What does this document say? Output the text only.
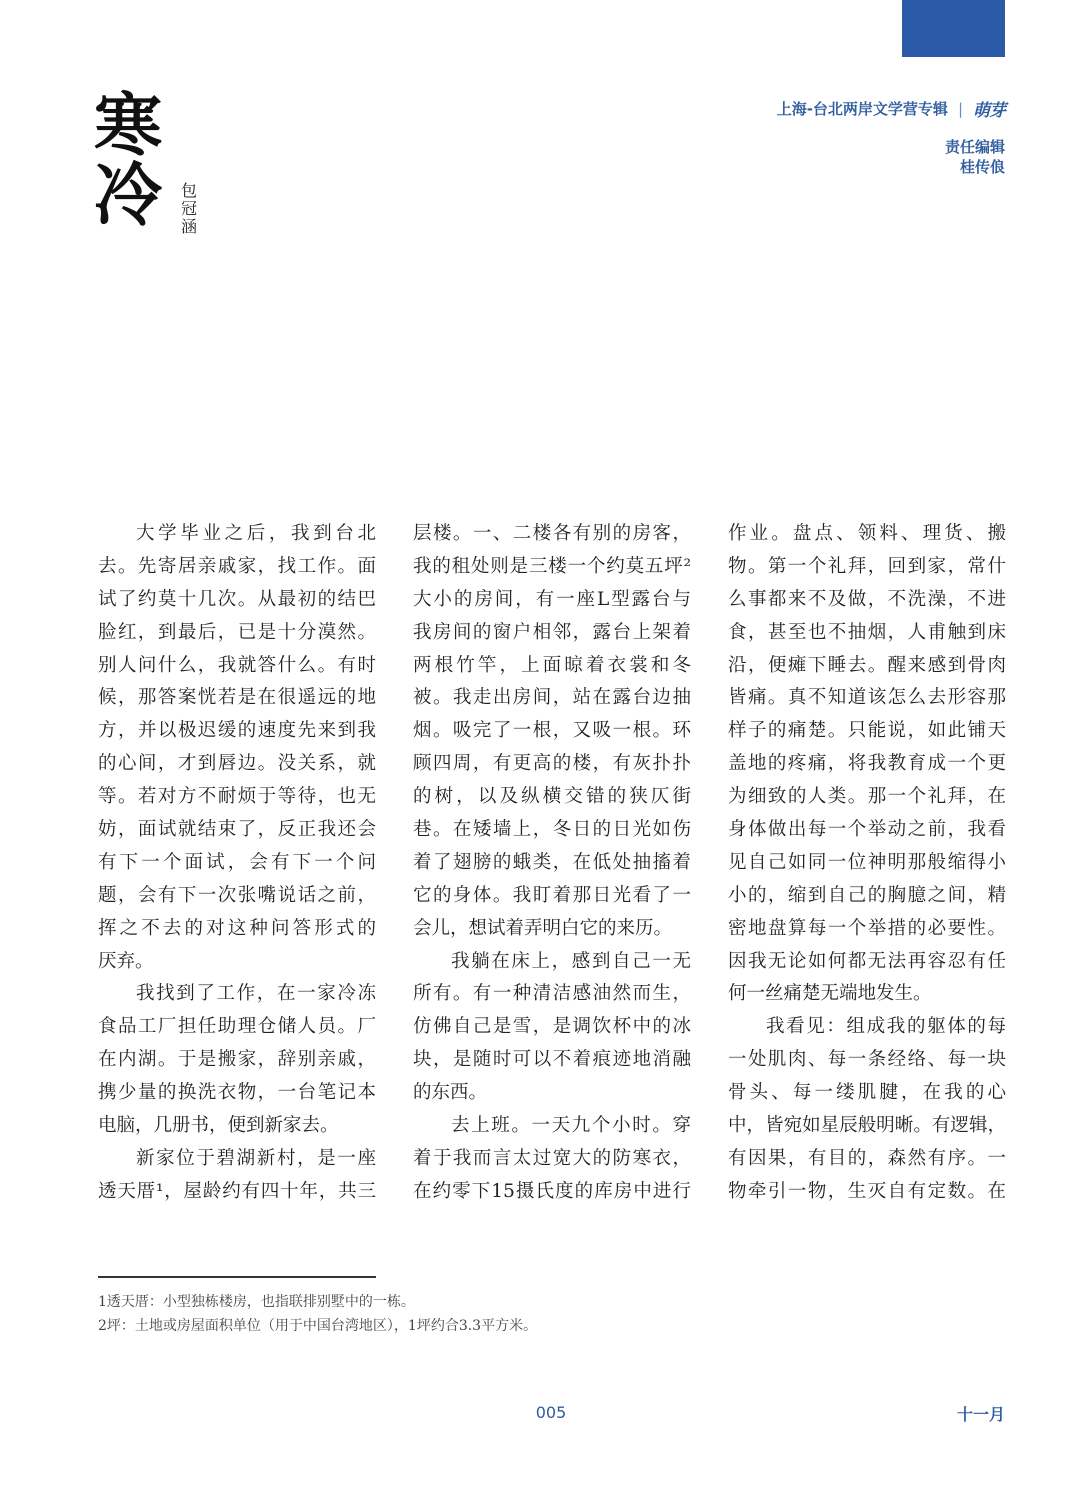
寒
冷 包
冠
涵
上海-台北两岸文学营专辑 | 萌芽
责任编辑
桂传俍
大学毕业之后，我到台北
去。先寄居亲戚家，找工作。面
试了约莫十几次。从最初的结巴
脸红，到最后，已是十分漠然。
别人问什么，我就答什么。有时
候，那答案恍若是在很遥远的地
方，并以极迟缓的速度先来到我
的心间，才到唇边。没关系，就
等。若对方不耐烦于等待，也无
妨，面试就结束了，反正我还会
有下一个面试，会有下一个问
题，会有下一次张嘴说话之前，
挥之不去的对这种问答形式的
厌弃。
我找到了工作，在一家冷冻
食品工厂担任助理仓储人员。厂
在内湖。于是搬家，辞别亲戚，
携少量的换洗衣物，一台笔记本
电脑，几册书，便到新家去。
新家位于碧湖新村，是一座
透天厝¹，屋龄约有四十年，共三
层楼。一、二楼各有别的房客，
我的租处则是三楼一个约莫五坪²
大小的房间，有一座L型露台与
我房间的窗户相邻，露台上架着
两根竹竿，上面晾着衣裳和冬
被。我走出房间，站在露台边抽
烟。吸完了一根，又吸一根。环
顾四周，有更高的楼，有灰扑扑
的树，以及纵横交错的狭仄街
巷。在矮墙上，冬日的日光如伤
着了翅膀的蛾类，在低处抽搐着
它的身体。我盯着那日光看了一
会儿，想试着弄明白它的来历。
我躺在床上，感到自己一无
所有。有一种清洁感油然而生，
仿佛自己是雪，是调饮杯中的冰
块，是随时可以不着痕迹地消融
的东西。
去上班。一天九个小时。穿
着于我而言太过宽大的防寒衣，
在约零下15摄氏度的库房中进行
作业。盘点、领料、理货、搬
物。第一个礼拜，回到家，常什
么事都来不及做，不洗澡，不进
食，甚至也不抽烟，人甫触到床
沿，便瘫下睡去。醒来感到骨肉
皆痛。真不知道该怎么去形容那
样子的痛楚。只能说，如此铺天
盖地的疼痛，将我教育成一个更
为细致的人类。那一个礼拜，在
身体做出每一个举动之前，我看
见自己如同一位神明那般缩得小
小的，缩到自己的胸臆之间，精
密地盘算每一个举措的必要性。
因我无论如何都无法再容忍有任
何一丝痛楚无端地发生。
我看见：组成我的躯体的每
一处肌肉、每一条经络、每一块
骨头、每一缕肌腱，在我的心
中，皆宛如星辰般明晰。有逻辑，
有因果，有目的，森然有序。一
物牵引一物，生灭自有定数。在
1透天厝：小型独栋楼房，也指联排别墅中的一栋。
2坪：土地或房屋面积单位（用于中国台湾地区），1坪约合3.3平方米。
005	十一月
